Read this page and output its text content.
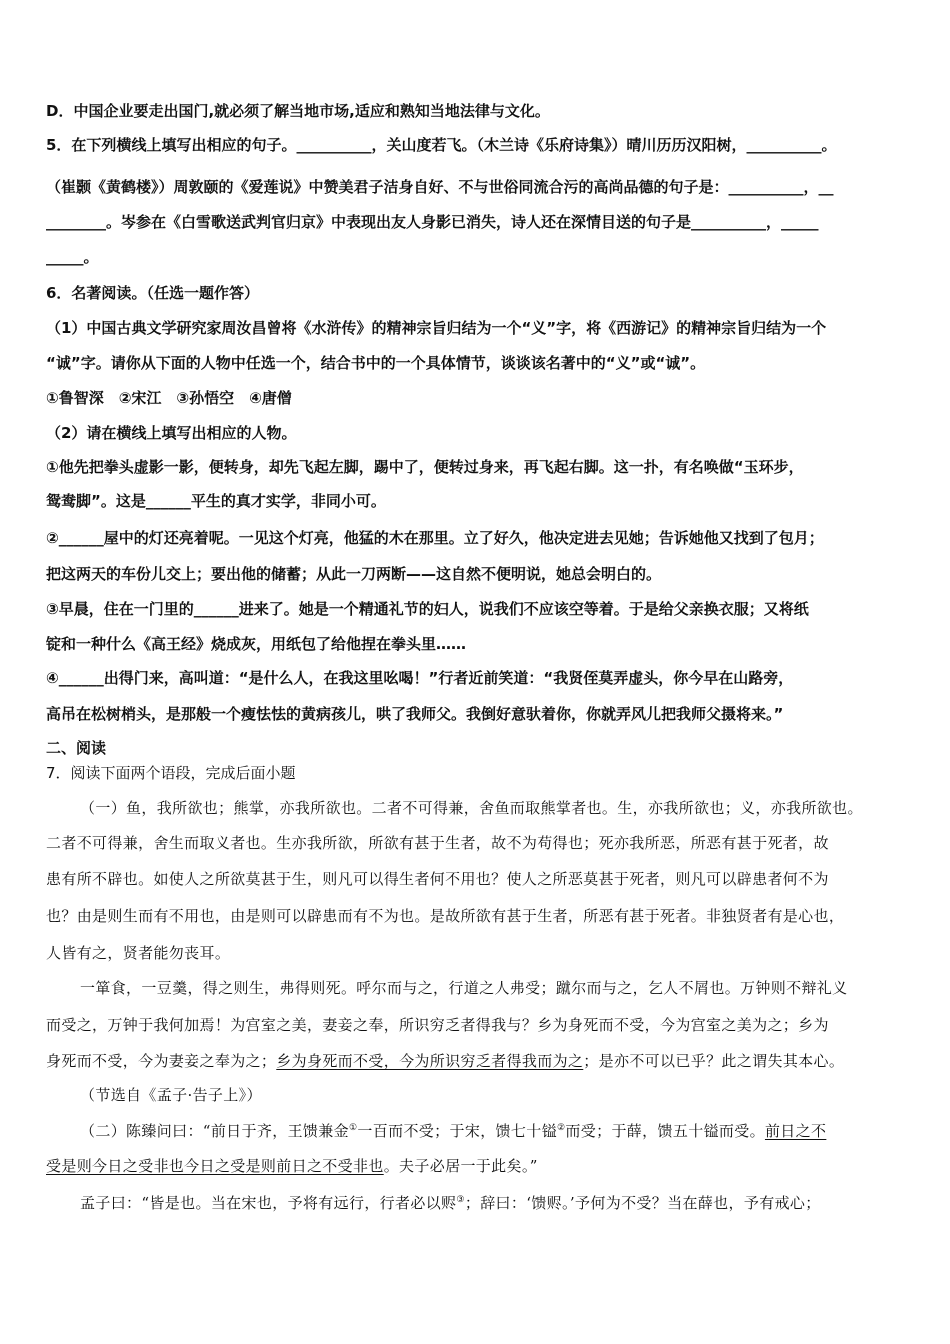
D．中国企业要走出国门,就必须了解当地市场,适应和熟知当地法律与文化。
5．在下列横线上填写出相应的句子。__________，关山度若飞。（木兰诗《乐府诗集》）晴川历历汉阳树，__________。
（崔颢《黄鹤楼》）周敦颐的《爱莲说》中赞美君子洁身自好、不与世俗同流合污的高尚品德的句子是：__________，__
________。岑参在《白雪歌送武判官归京》中表现出友人身影已消失，诗人还在深情目送的句子是__________，_____
_____。
6．名著阅读。（任选一题作答）
（1）中国古典文学研究家周汝昌曾将《水浒传》的精神宗旨归结为一个“义”字，将《西游记》的精神宗旨归结为一个
“诚”字。请你从下面的人物中任选一个，结合书中的一个具体情节，谈谈该名著中的“义”或“诚”。
①鲁智深　②宋江　③孙悟空　④唐僧
（2）请在横线上填写出相应的人物。
①他先把拳头虚影一影，便转身，却先飞起左脚，踢中了，便转过身来，再飞起右脚。这一扑，有名唤做“玉环步，
鸳鸯脚”。这是______平生的真才实学，非同小可。
②______屋中的灯还亮着呢。一见这个灯亮，他猛的木在那里。立了好久，他决定进去见她；告诉她他又找到了包月；
把这两天的车份儿交上；要出他的储蓄；从此一刀两断——这自然不便明说，她总会明白的。
③早晨，住在一门里的______进来了。她是一个精通礼节的妇人，说我们不应该空等着。于是给父亲换衣服；又将纸
锭和一种什么《高王经》烧成灰，用纸包了给他捏在拳头里……
④______出得门来，高叫道：“是什么人，在我这里吆喝！”行者近前笑道：“我贤侄莫弄虚头，你今早在山路旁，
高吊在松树梢头，是那般一个瘦怯怯的黄病孩儿，哄了我师父。我倒好意驮着你，你就弄风儿把我师父摄将来。”
二、阅读
7．阅读下面两个语段，完成后面小题
（一）鱼，我所欲也；熊掌，亦我所欲也。二者不可得兼，舍鱼而取熊掌者也。生，亦我所欲也；义，亦我所欲也。
二者不可得兼，舍生而取义者也。生亦我所欲，所欲有甚于生者，故不为苟得也；死亦我所恶，所恶有甚于死者，故
患有所不辟也。如使人之所欲莫甚于生，则凡可以得生者何不用也？使人之所恶莫甚于死者，则凡可以辟患者何不为
也？由是则生而有不用也，由是则可以辟患而有不为也。是故所欲有甚于生者，所恶有甚于死者。非独贤者有是心也，
人皆有之，贤者能勿丧耳。
一箪食，一豆羹，得之则生，弗得则死。呼尔而与之，行道之人弗受；蹴尔而与之，乞人不屑也。万钟则不辩礼义
而受之，万钟于我何加焉！为宫室之美，妻妾之奉，所识穷乏者得我与？乡为身死而不受，今为宫室之美为之；乡为
身死而不受，今为妻妾之奉为之；乡为身死而不受，今为所识穷乏者得我而为之；是亦不可以已乎？此之谓失其本心。
（节选自《孟子·告子上》）
（二）陈臻问曰：“前日于齐，王馈兼金①一百而不受；于宋，馈七十镒②而受；于薛，馈五十镒而受。前日之不
受是则今日之受非也今日之受是则前日之不受非也。夫子必居一于此矣。”
孟子曰：“皆是也。当在宋也，予将有远行，行者必以赆③；辞曰：‘馈赆。’予何为不受？当在薛也，予有戒心；
